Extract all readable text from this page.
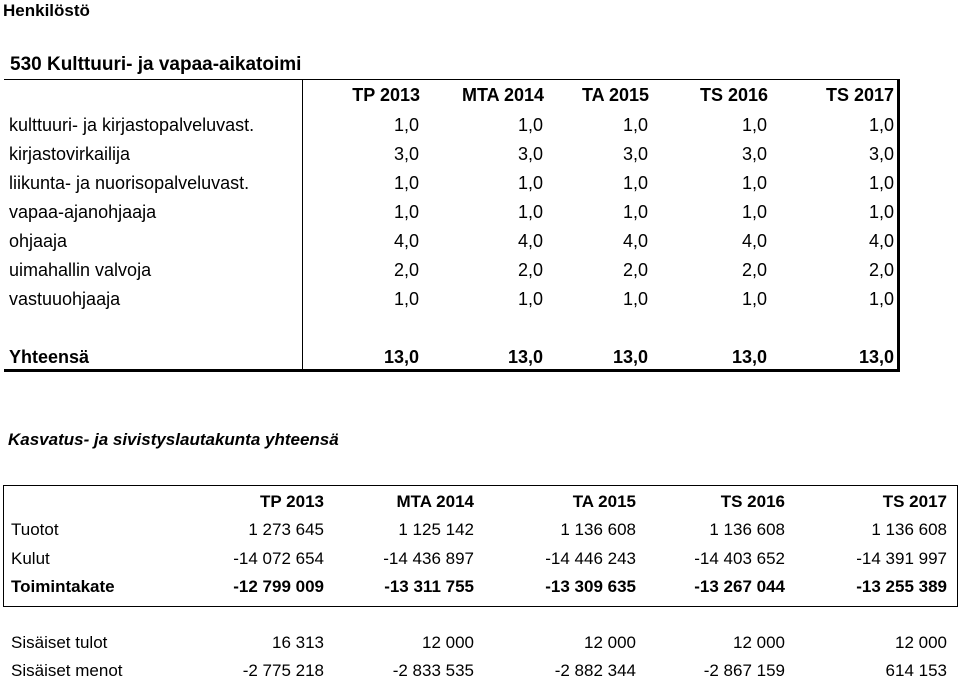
Henkilöstö
530 Kulttuuri- ja vapaa-aikatoimi
TP 2013	MTA 2014	TA 2015	TS 2016	TS 2017
kulttuuri- ja kirjastopalveluvast.	1,0	1,0	1,0	1,0	1,0
kirjastovirkailija	3,0	3,0	3,0	3,0	3,0
liikunta- ja nuorisopalveluvast.	1,0	1,0	1,0	1,0	1,0
vapaa-ajanohjaaja	1,0	1,0	1,0	1,0	1,0
ohjaaja	4,0	4,0	4,0	4,0	4,0
uimahallin valvoja	2,0	2,0	2,0	2,0	2,0
vastuuohjaaja	1,0	1,0	1,0	1,0	1,0
Yhteensä	13,0	13,0	13,0	13,0	13,0
Kasvatus- ja sivistyslautakunta yhteensä
TP 2013	MTA 2014	TA 2015	TS 2016	TS 2017
Tuotot	1 273 645	1 125 142	1 136 608	1 136 608	1 136 608
Kulut	-14 072 654	-14 436 897	-14 446 243	-14 403 652	-14 391 997
Toimintakate	-12 799 009	-13 311 755	-13 309 635	-13 267 044	-13 255 389
Sisäiset tulot	16 313	12 000	12 000	12 000	12 000
Sisäiset menot	-2 775 218	-2 833 535	-2 882 344	-2 867 159	614 153
